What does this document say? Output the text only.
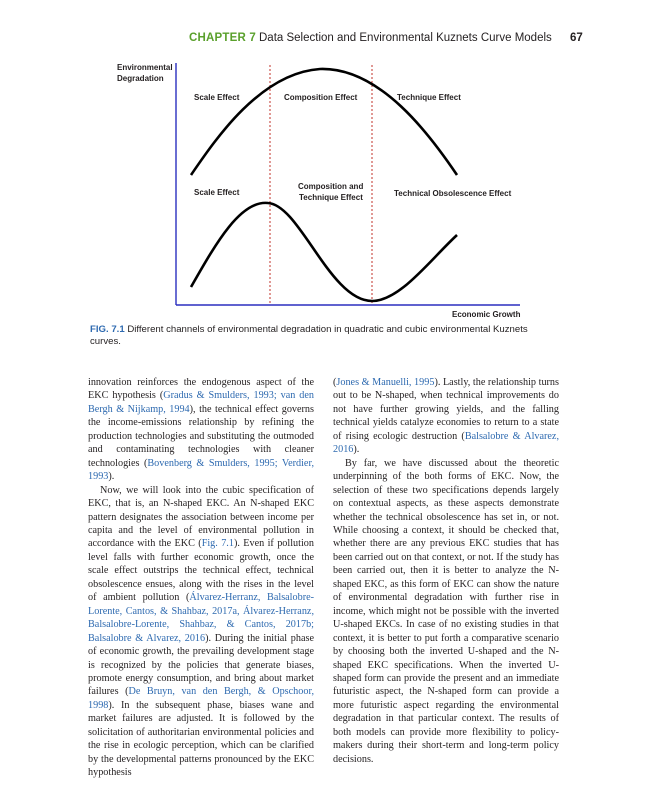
CHAPTER 7 Data Selection and Environmental Kuznets Curve Models 67
Environmental
Degradation
Scale Effect	Composition Effect	Technique Effect
Scale Effect
Composition and
Technique Effect	Technical Obsolescence Effect
Economic Growth
FIG. 7.1 Different channels of environmental degradation in quadratic and cubic environmental Kuznets curves.

innovation reinforces the endogenous aspect of the EKC hypothesis (Gradus & Smulders, 1993; van den Bergh & Nijkamp, 1994), the technical effect governs the income-emissions relationship by refining the production technologies and substituting the outmoded and contaminating technologies with cleaner technologies (Bovenberg & Smulders, 1995; Verdier, 1993).

Now, we will look into the cubic specification of EKC, that is, an N-shaped EKC. An N-shaped EKC pattern designates the association between income per capita and the level of environmental pollution in accordance with the EKC (Fig. 7.1). Even if pollution level falls with further economic growth, once the scale effect outstrips the technical effect, technical obsolescence ensues, along with the rises in the level of ambient pollution (Álvarez-Herranz, Balsalobre-Lorente, Cantos, & Shahbaz, 2017a, Álvarez-Herranz, Balsalobre-Lorente, Shahbaz, & Cantos, 2017b; Balsalobre & Alvarez, 2016). During the initial phase of economic growth, the prevailing development stage is recognized by the policies that generate biases, promote energy consumption, and bring about market failures (De Bruyn, van den Bergh, & Opschoor, 1998). In the subsequent phase, biases wane and market failures are adjusted. It is followed by the solicitation of authoritarian environmental policies and the rise in ecologic perception, which can be clarified by the developmental patterns pronounced by the EKC hypothesis

(Jones & Manuelli, 1995). Lastly, the relationship turns out to be N-shaped, when technical improvements do not have further growing yields, and the falling technical yields catalyze economies to return to a state of rising ecologic destruction (Balsalobre & Alvarez, 2016).

By far, we have discussed about the theoretic underpinning of the both forms of EKC. Now, the selection of these two specifications depends largely on contextual aspects, as these aspects demonstrate whether the technical obsolescence has set in, or not. While choosing a context, it should be checked that, whether there are any previous EKC studies that has been carried out on that context, or not. If the study has been carried out, then it is better to analyze the N-shaped EKC, as this form of EKC can show the nature of environmental degradation with further rise in income, which might not be possible with the inverted U-shaped EKCs. In case of no existing studies in that context, it is better to put forth a comparative scenario by choosing both the inverted U-shaped and the N-shaped EKC specifications. When the inverted U-shaped form can provide the present and an immediate futuristic aspect, the N-shaped form can provide a more futuristic aspect regarding the environmental degradation in that particular context. The results of both models can provide more flexibility to policy-makers during their short-term and long-term policy decisions.
